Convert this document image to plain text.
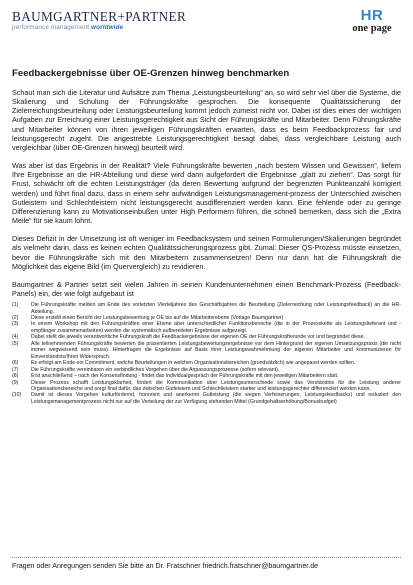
BAUMGARTNER+PARTNER
performance management worldwide
HR
one page
Feedbackergebnisse über OE-Grenzen hinweg benchmarken

Schaut man sich die Literatur und Aufsätze zum Thema „Leistungsbeurteilung“ an, so wird sehr viel über die Systeme, die Skalierung und Schulung der Führungskräfte gesprochen. Die konsequente Qualitätssicherung der Zielerreichungsbeurteilung oder Leistungsbeurteilung kommt jedoch zumeist nicht vor. Dabei ist dies eines der wichtigen Aufgaben zur Erreichung einer Leistungsgerechtigkeit aus Sicht der Führungskräfte und Mitarbeiter. Denn Führungskräfte und Mitarbeiter können von ihren jeweiligen Führungskräften erwarten, dass es beim Feedbackprozess fair und leistungsgerecht zugeht. Die angestrebte Leistungsgerechtigkeit besagt dabei, dass vergleichbare Leistung auch vergleichbar (über OE-Grenzen hinweg) beurteilt wird.

Was aber ist das Ergebnis in der Realität? Viele Führungskräfte bewerten „nach bestem Wissen und Gewissen“, liefern Ihre Ergebnisse an die HR-Abteilung und diese wird dann aufgefordert die Ergebnisse „glatt zu ziehen“. Das sorgt für Frust, schwächt oft die echten Leistungsträger (da deren Bewertung aufgrund der begrenzten Punkteanzahl korrigiert werden) und führt final dazu, dass in einem sehr aufwändigen Leistungsmanagement-prozess der Unterschied zwischen Gutleistern und Schlechtleistern nicht leistungsgerecht ausdifferenziert werden kann. Eine fehlende oder zu geringe Differenzierung kann zu Motivationseinbußen unter High Performern führen, die schnell bemerken, dass sich die „Extra Meile“ für sie kaum lohnt.

Dieses Defizit in der Umsetzung ist oft weniger im Feedbacksystem und seinen Formulierungen/Skalierungen begründet als vielmehr darin, dass es keinen echten Qualitätssicherungsprozess gibt. Zumal: Dieser QS-Prozess müsste einsetzen, bevor die Führungskräfte sich mit den Mitarbeitern zusammensetzen! Denn nur dann hat die Führungskraft die Möglichkeit das eigene Bild (im Quervergleich) zu revidieren.

Baumgartner & Partner setzt seit vielen Jahren in seinen Kundenunternehmen einen Benchmark-Prozess (Feedback-Panels) ein, der wie folgt aufgebaut ist

(1)	Die Führungskräfte melden am Ende des vorletzten Vierteljahres des Geschäftsjahres die Beurteilung (Zielerreichung oder Leistungsfeedback) an die HR-Abteilung.
(2)	Diese erstellt einen Bericht der Leistungsbewertung je OE bis auf die Mitarbeiterebene (Vorlage Baumgartner)
(3)	In einem Workshop mit den Führungskräften einer Ebene aber unterschiedlicher Funktionsbereiche (die in der Prozesskette als Leistungslieferant und -empfänger zusammenarbeiten) werden die systematisch aufbereiteten Ergebnisse aufgezeigt.
(4)	Dabei stellt die jeweils verantwortliche Führungskraft die Feedbackergebnisse der eigenen OE der Führungskräfterunde vor und begründet diese.
(5)	Alle teilnehmenden Führungskräfte bewerten die präsentierten Leistungsbewertungsergebnisse vor dem Hintergrund der eigenen Umsetzungspraxis (die nicht immer wegweisend sein muss). Hinterfragen die Ergebnisse auf Basis ihrer Leistungswahrnehmung der eigenen Mitarbeiter und kommunizieren Ihr Einverständnis/Ihren Widerspruch.
(6)	Es erfolgt am Ende ein Commitment, welche Beurteilungen in welchen Organisationsbereichen (grundsätzlich) wie angepasst werden sollten.
(7)	Die Führungskräfte vereinbaren ein verbindliches Vorgehen über die Anpassungsprozesse (sofern relevant).
(8)	Erst anschließend – nach der Konsensfindung - findet das Individualgespräch der Führungskräfte mit den jeweiligen Mitarbeitern statt.
(9)	Dieser Prozess schafft Leistungsklarheit, fördert die Kommunikation über Leistungsunterschiede sowie das Verständnis für die Leistung anderer Organisationsbereiche und sorgt final dafür, das zwischen Gutleistern und Schlechtleistern starker und leistungsgerechter differenziert werden kann.
(10)	Damit ist dieses Vorgehen kulturfördernd, honoriert und anerkennt Gutleistung (die wegen Verfeinerungen, Leistungsfeedbacks) und reduziert den Leistungsmanagementprozess nicht nur auf die Verteilung der zur Verfügung stehenden Mittel (Grundgehaltserhöhung/Bonusbudget)
Fragen oder Anregungen senden Sie bitte an Dr. Fratschner friedrich.fratschner@baumgartner.de
